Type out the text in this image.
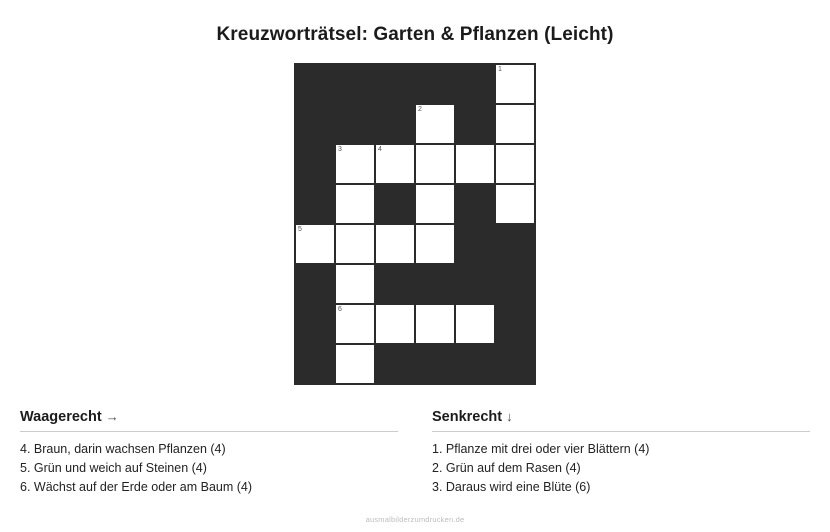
Kreuzworträtsel: Garten & Pflanzen (Leicht)
1
2
3	4
5
6
Waagerecht →
4. Braun, darin wachsen Pflanzen (4)
5. Grün und weich auf Steinen (4)
6. Wächst auf der Erde oder am Baum (4)
Senkrecht ↓
1. Pflanze mit drei oder vier Blättern (4)
2. Grün auf dem Rasen (4)
3. Daraus wird eine Blüte (6)
ausmalbilderzumdrucken.de
